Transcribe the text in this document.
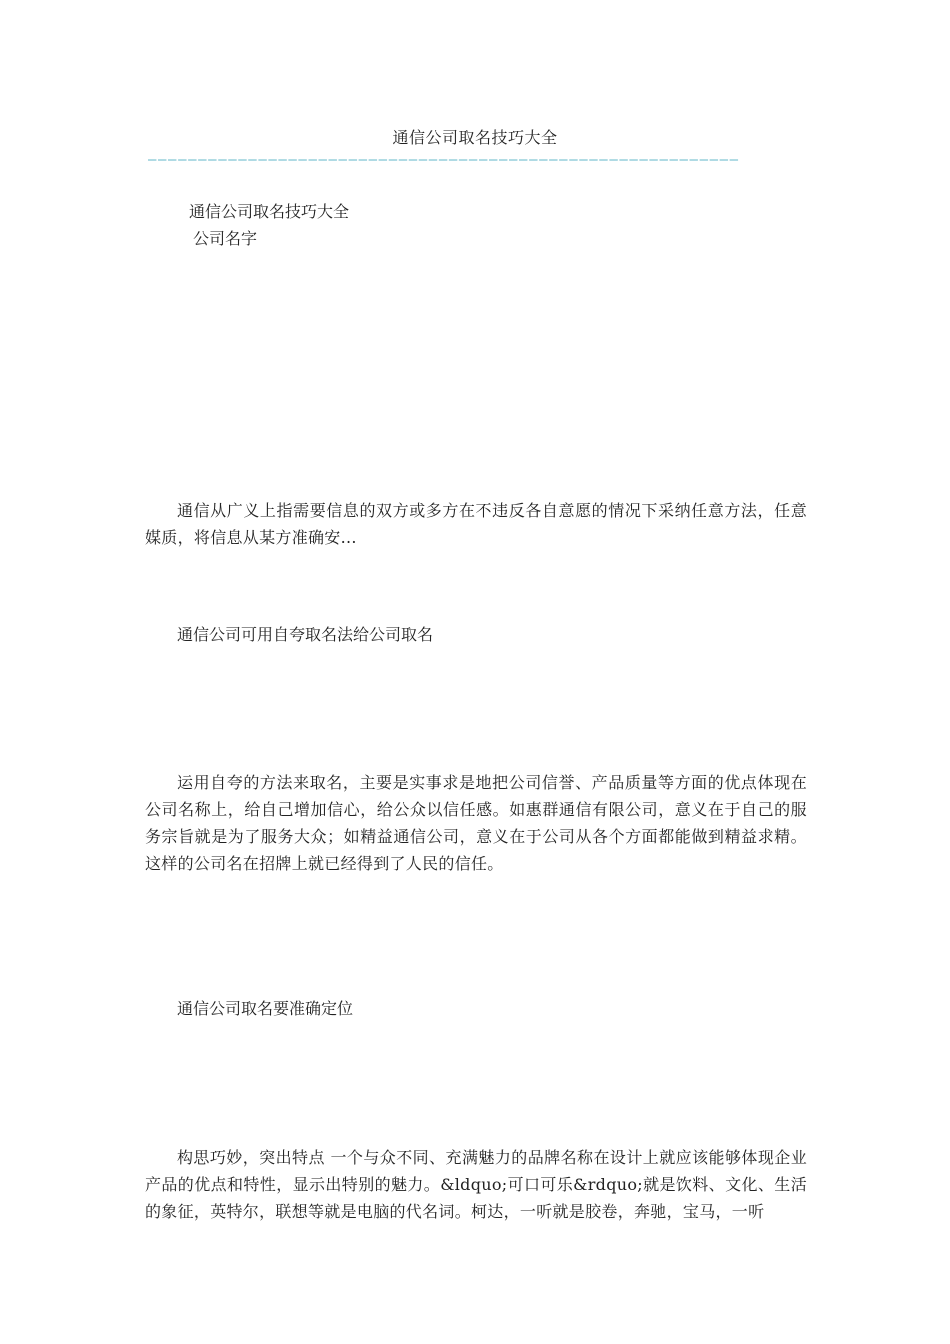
通信公司取名技巧大全
———————————————————————————————————————————————————————————
通信公司取名技巧大全
公司名字
通信从广义上指需要信息的双方或多方在不违反各自意愿的情况下采纳任意方法，任意媒质，将信息从某方准确安...
通信公司可用自夸取名法给公司取名
运用自夸的方法来取名，主要是实事求是地把公司信誉、产品质量等方面的优点体现在公司名称上，给自己增加信心，给公众以信任感。如惠群通信有限公司，意义在于自己的服务宗旨就是为了服务大众；如精益通信公司，意义在于公司从各个方面都能做到精益求精。这样的公司名在招牌上就已经得到了人民的信任。
通信公司取名要准确定位
构思巧妙，突出特点 一个与众不同、充满魅力的品牌名称在设计上就应该能够体现企业产品的优点和特性，显示出特别的魅力。&ldquo;可口可乐&rdquo;就是饮料、文化、生活的象征，英特尔，联想等就是电脑的代名词。柯达，一听就是胶卷，奔驰，宝马，一听
